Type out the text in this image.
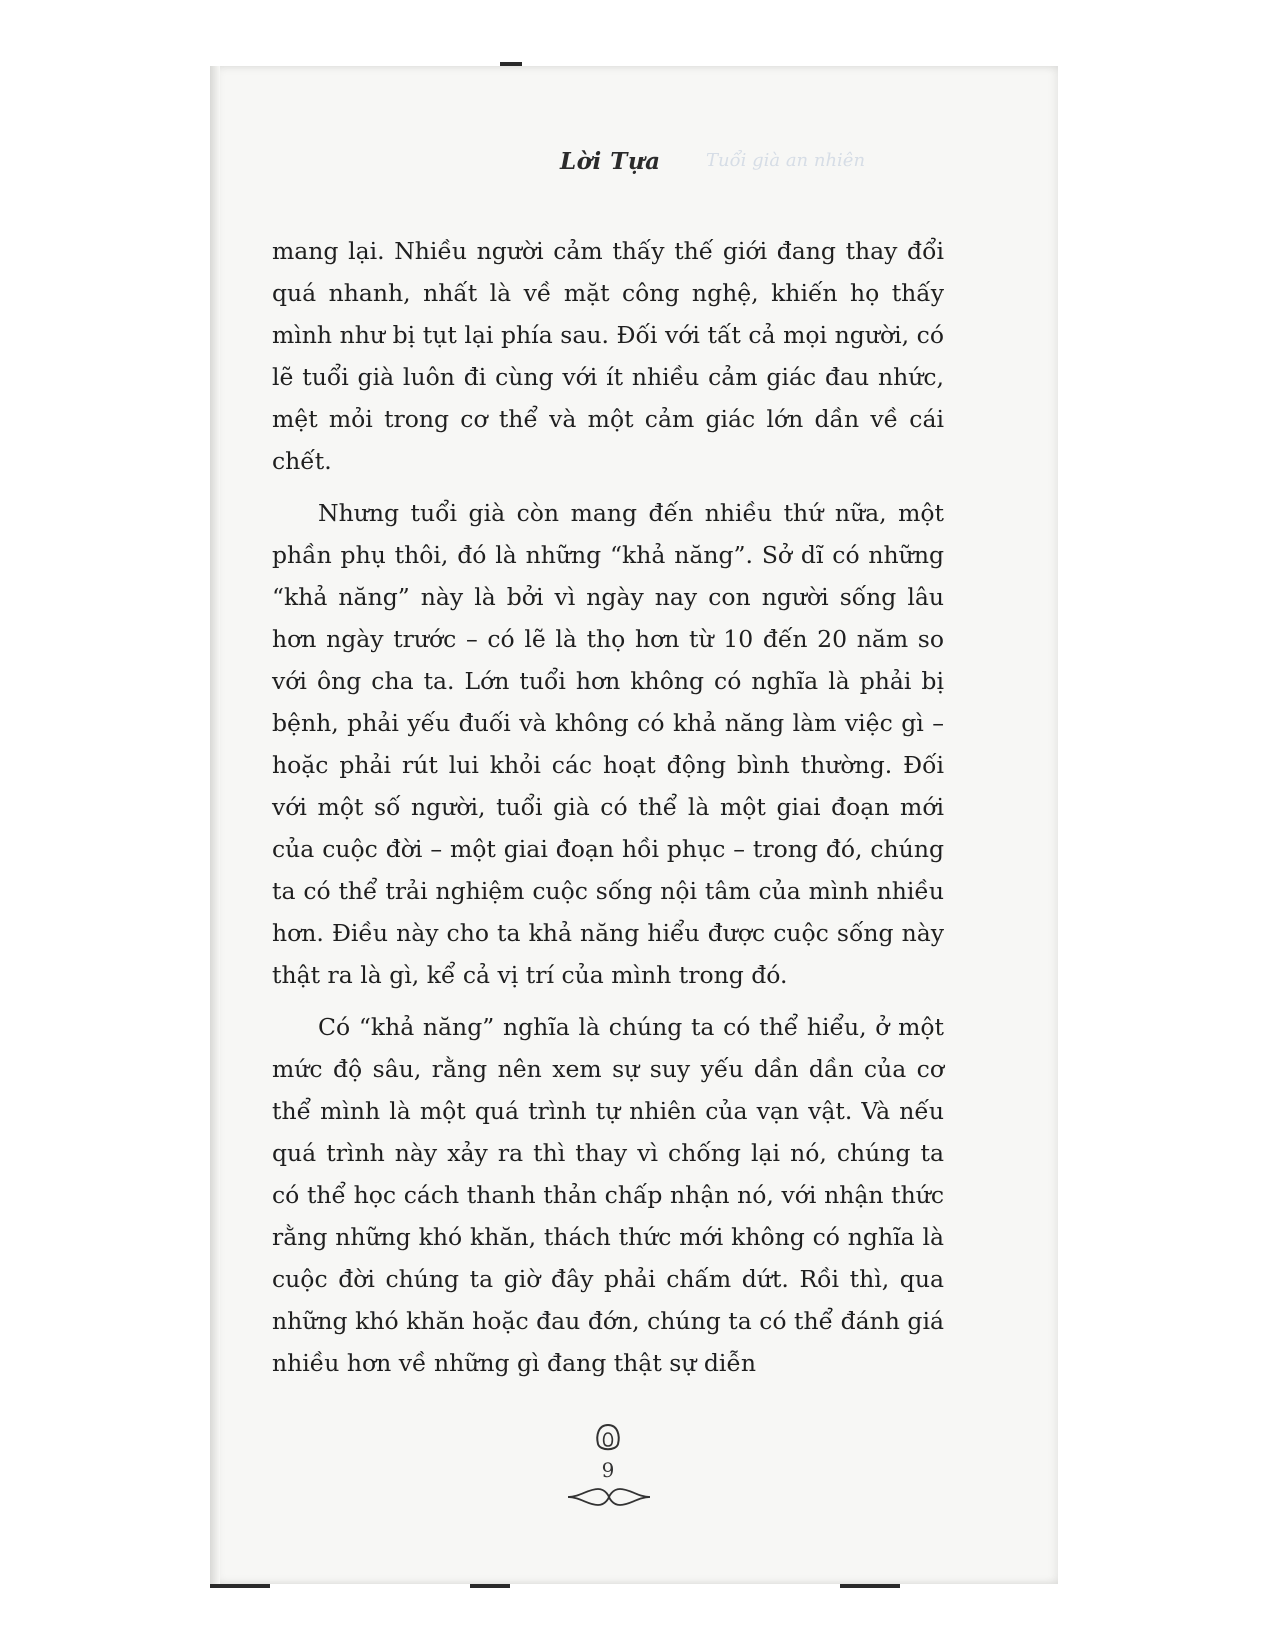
Tuổi già an nhiên
Lời Tựa

mang lại. Nhiều người cảm thấy thế giới đang thay đổi quá nhanh, nhất là về mặt công nghệ, khiến họ thấy mình như bị tụt lại phía sau. Đối với tất cả mọi người, có lẽ tuổi già luôn đi cùng với ít nhiều cảm giác đau nhức, mệt mỏi trong cơ thể và một cảm giác lớn dần về cái chết.

Nhưng tuổi già còn mang đến nhiều thứ nữa, một phần phụ thôi, đó là những “khả năng”. Sở dĩ có những “khả năng” này là bởi vì ngày nay con người sống lâu hơn ngày trước – có lẽ là thọ hơn từ 10 đến 20 năm so với ông cha ta. Lớn tuổi hơn không có nghĩa là phải bị bệnh, phải yếu đuối và không có khả năng làm việc gì – hoặc phải rút lui khỏi các hoạt động bình thường. Đối với một số người, tuổi già có thể là một giai đoạn mới của cuộc đời – một giai đoạn hồi phục – trong đó, chúng ta có thể trải nghiệm cuộc sống nội tâm của mình nhiều hơn. Điều này cho ta khả năng hiểu được cuộc sống này thật ra là gì, kể cả vị trí của mình trong đó.

Có “khả năng” nghĩa là chúng ta có thể hiểu, ở một mức độ sâu, rằng nên xem sự suy yếu dần dần của cơ thể mình là một quá trình tự nhiên của vạn vật. Và nếu quá trình này xảy ra thì thay vì chống lại nó, chúng ta có thể học cách thanh thản chấp nhận nó, với nhận thức rằng những khó khăn, thách thức mới không có nghĩa là cuộc đời chúng ta giờ đây phải chấm dứt. Rồi thì, qua những khó khăn hoặc đau đớn, chúng ta có thể đánh giá nhiều hơn về những gì đang thật sự diễn

9
